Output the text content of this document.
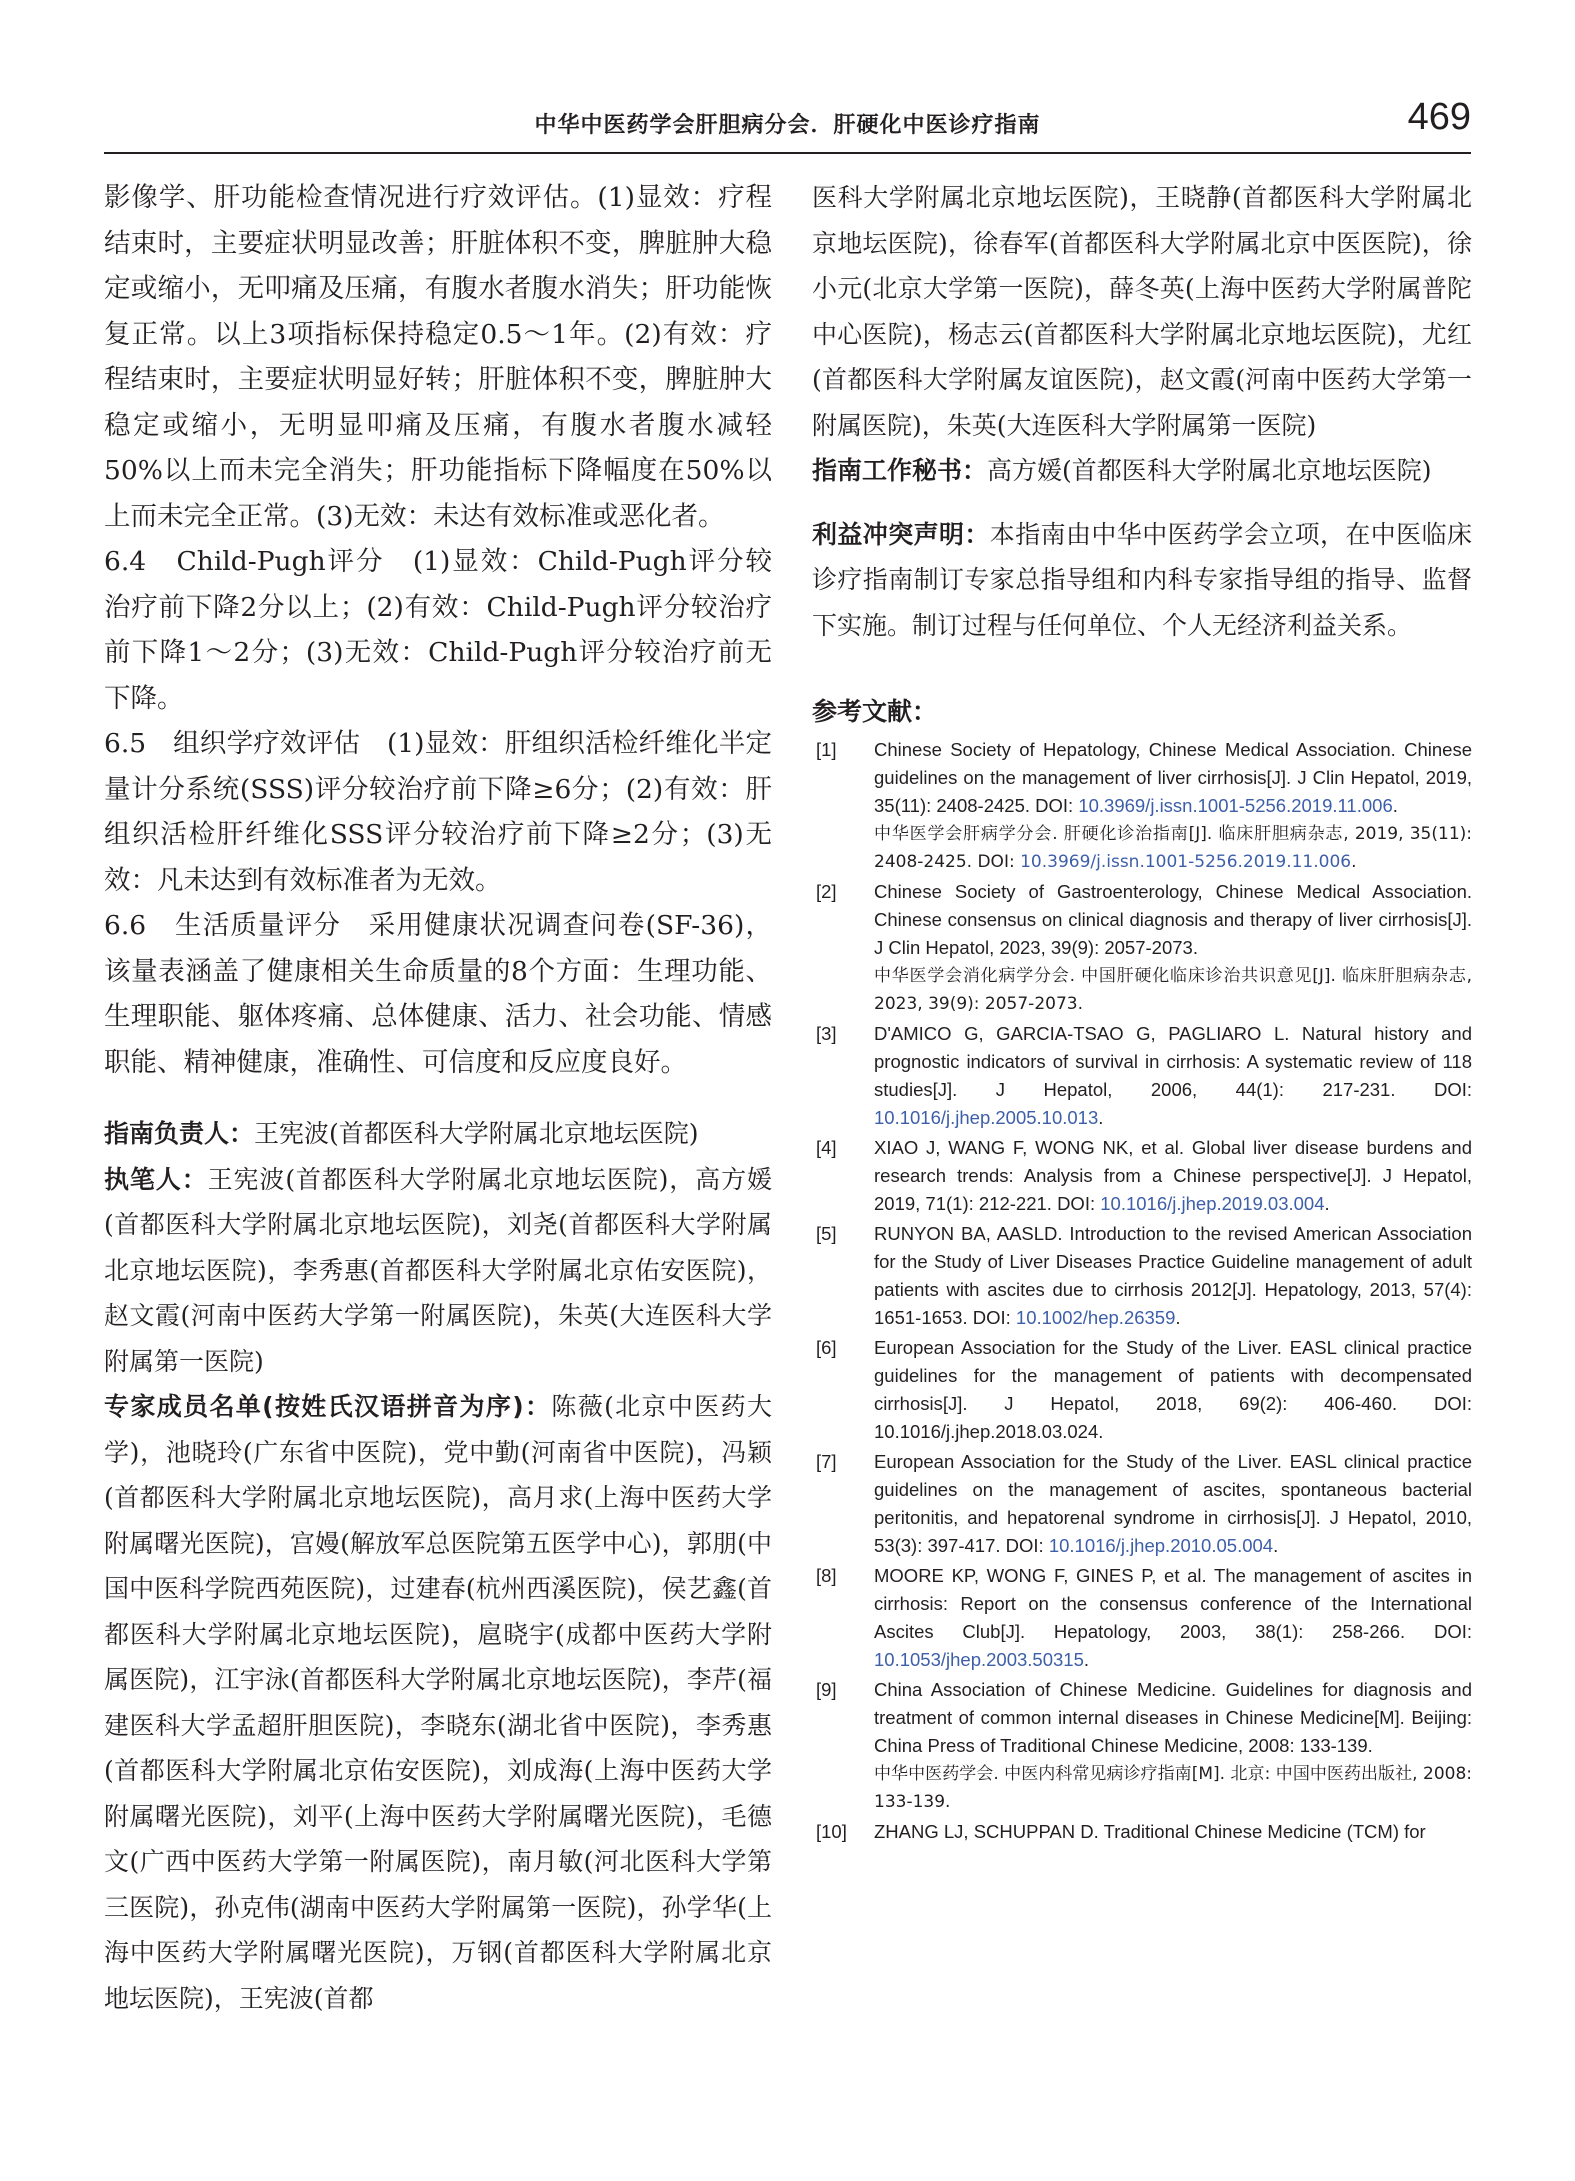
中华中医药学会肝胆病分会．肝硬化中医诊疗指南	469

影像学、肝功能检查情况进行疗效评估。(1)显效：疗程结束时，主要症状明显改善；肝脏体积不变，脾脏肿大稳定或缩小，无叩痛及压痛，有腹水者腹水消失；肝功能恢复正常。以上3项指标保持稳定0.5～1年。(2)有效：疗程结束时，主要症状明显好转；肝脏体积不变，脾脏肿大稳定或缩小，无明显叩痛及压痛，有腹水者腹水减轻50%以上而未完全消失；肝功能指标下降幅度在50%以上而未完全正常。(3)无效：未达有效标准或恶化者。

6.4　Child-Pugh评分　(1)显效：Child-Pugh评分较治疗前下降2分以上；(2)有效：Child-Pugh评分较治疗前下降1～2分；(3)无效：Child-Pugh评分较治疗前无下降。

6.5　组织学疗效评估　(1)显效：肝组织活检纤维化半定量计分系统(SSS)评分较治疗前下降≥6分；(2)有效：肝组织活检肝纤维化SSS评分较治疗前下降≥2分；(3)无效：凡未达到有效标准者为无效。

6.6　生活质量评分　采用健康状况调查问卷(SF-36)，该量表涵盖了健康相关生命质量的8个方面：生理功能、生理职能、躯体疼痛、总体健康、活力、社会功能、情感职能、精神健康，准确性、可信度和反应度良好。

指南负责人：王宪波(首都医科大学附属北京地坛医院)

执笔人：王宪波(首都医科大学附属北京地坛医院)，高方媛(首都医科大学附属北京地坛医院)，刘尧(首都医科大学附属北京地坛医院)，李秀惠(首都医科大学附属北京佑安医院)，赵文霞(河南中医药大学第一附属医院)，朱英(大连医科大学附属第一医院)

专家成员名单(按姓氏汉语拼音为序)：陈薇(北京中医药大学)，池晓玲(广东省中医院)，党中勤(河南省中医院)，冯颖(首都医科大学附属北京地坛医院)，高月求(上海中医药大学附属曙光医院)，宫嫚(解放军总医院第五医学中心)，郭朋(中国中医科学院西苑医院)，过建春(杭州西溪医院)，侯艺鑫(首都医科大学附属北京地坛医院)，扈晓宇(成都中医药大学附属医院)，江宇泳(首都医科大学附属北京地坛医院)，李芹(福建医科大学孟超肝胆医院)，李晓东(湖北省中医院)，李秀惠(首都医科大学附属北京佑安医院)，刘成海(上海中医药大学附属曙光医院)，刘平(上海中医药大学附属曙光医院)，毛德文(广西中医药大学第一附属医院)，南月敏(河北医科大学第三医院)，孙克伟(湖南中医药大学附属第一医院)，孙学华(上海中医药大学附属曙光医院)，万钢(首都医科大学附属北京地坛医院)，王宪波(首都

医科大学附属北京地坛医院)，王晓静(首都医科大学附属北京地坛医院)，徐春军(首都医科大学附属北京中医医院)，徐小元(北京大学第一医院)，薛冬英(上海中医药大学附属普陀中心医院)，杨志云(首都医科大学附属北京地坛医院)，尤红(首都医科大学附属友谊医院)，赵文霞(河南中医药大学第一附属医院)，朱英(大连医科大学附属第一医院)

指南工作秘书：高方媛(首都医科大学附属北京地坛医院)

利益冲突声明：本指南由中华中医药学会立项，在中医临床诊疗指南制订专家总指导组和内科专家指导组的指导、监督下实施。制订过程与任何单位、个人无经济利益关系。

参考文献：

[1] Chinese Society of Hepatology, Chinese Medical Association. Chinese guidelines on the management of liver cirrhosis[J]. J Clin Hepatol, 2019, 35(11): 2408-2425. DOI: 10.3969/j.issn.1001-5256.2019.11.006.
中华医学会肝病学分会. 肝硬化诊治指南[J]. 临床肝胆病杂志, 2019, 35(11): 2408-2425. DOI: 10.3969/j.issn.1001-5256.2019.11.006.
[2] Chinese Society of Gastroenterology, Chinese Medical Association. Chinese consensus on clinical diagnosis and therapy of liver cirrhosis[J]. J Clin Hepatol, 2023, 39(9): 2057-2073.
中华医学会消化病学分会. 中国肝硬化临床诊治共识意见[J]. 临床肝胆病杂志, 2023, 39(9): 2057-2073.
[3] D'AMICO G, GARCIA-TSAO G, PAGLIARO L. Natural history and prognostic indicators of survival in cirrhosis: A systematic review of 118 studies[J]. J Hepatol, 2006, 44(1): 217-231. DOI: 10.1016/j.jhep.2005.10.013.
[4] XIAO J, WANG F, WONG NK, et al. Global liver disease burdens and research trends: Analysis from a Chinese perspective[J]. J Hepatol, 2019, 71(1): 212-221. DOI: 10.1016/j.jhep.2019.03.004.
[5] RUNYON BA, AASLD. Introduction to the revised American Association for the Study of Liver Diseases Practice Guideline management of adult patients with ascites due to cirrhosis 2012[J]. Hepatology, 2013, 57(4): 1651-1653. DOI: 10.1002/hep.26359.
[6] European Association for the Study of the Liver. EASL clinical practice guidelines for the management of patients with decompensated cirrhosis[J]. J Hepatol, 2018, 69(2): 406-460. DOI: 10.1016/j.jhep.2018.03.024.
[7] European Association for the Study of the Liver. EASL clinical practice guidelines on the management of ascites, spontaneous bacterial peritonitis, and hepatorenal syndrome in cirrhosis[J]. J Hepatol, 2010, 53(3): 397-417. DOI: 10.1016/j.jhep.2010.05.004.
[8] MOORE KP, WONG F, GINES P, et al. The management of ascites in cirrhosis: Report on the consensus conference of the International Ascites Club[J]. Hepatology, 2003, 38(1): 258-266. DOI: 10.1053/jhep.2003.50315.
[9] China Association of Chinese Medicine. Guidelines for diagnosis and treatment of common internal diseases in Chinese Medicine[M]. Beijing: China Press of Traditional Chinese Medicine, 2008: 133-139.
中华中医药学会. 中医内科常见病诊疗指南[M]. 北京: 中国中医药出版社, 2008: 133-139.
[10] ZHANG LJ, SCHUPPAN D. Traditional Chinese Medicine (TCM) for
